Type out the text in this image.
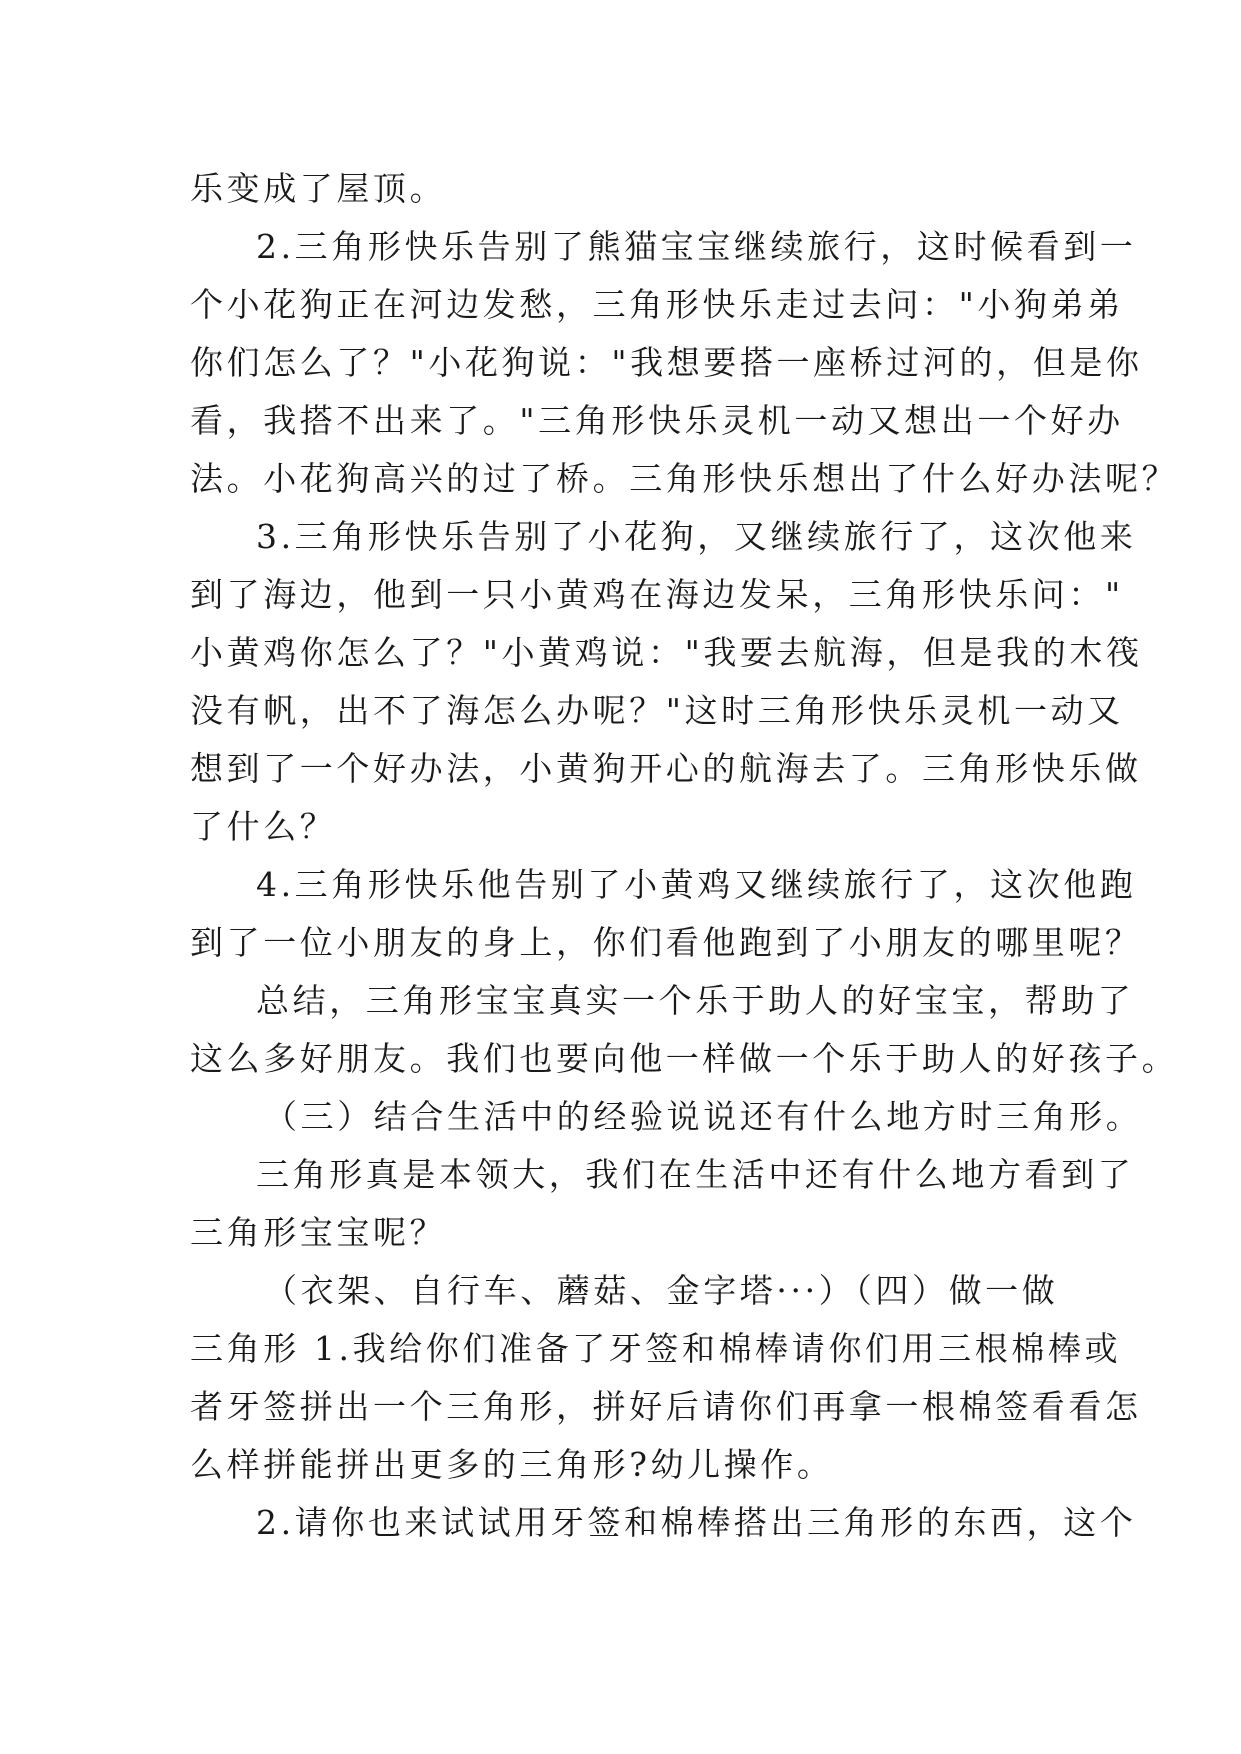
乐变成了屋顶。
2.三角形快乐告别了熊猫宝宝继续旅行，这时候看到一
个小花狗正在河边发愁，三角形快乐走过去问："小狗弟弟
你们怎么了？"小花狗说："我想要搭一座桥过河的，但是你
看，我搭不出来了。"三角形快乐灵机一动又想出一个好办
法。小花狗高兴的过了桥。三角形快乐想出了什么好办法呢？
3.三角形快乐告别了小花狗，又继续旅行了，这次他来
到了海边，他到一只小黄鸡在海边发呆，三角形快乐问："
小黄鸡你怎么了？"小黄鸡说："我要去航海，但是我的木筏
没有帆，出不了海怎么办呢？"这时三角形快乐灵机一动又
想到了一个好办法，小黄狗开心的航海去了。三角形快乐做
了什么？
4.三角形快乐他告别了小黄鸡又继续旅行了，这次他跑
到了一位小朋友的身上，你们看他跑到了小朋友的哪里呢？
总结，三角形宝宝真实一个乐于助人的好宝宝，帮助了
这么多好朋友。我们也要向他一样做一个乐于助人的好孩子。
（三）结合生活中的经验说说还有什么地方时三角形。
三角形真是本领大，我们在生活中还有什么地方看到了
三角形宝宝呢？
（衣架、自行车、蘑菇、金字塔···）（四）做一做
三角形 1.我给你们准备了牙签和棉棒请你们用三根棉棒或
者牙签拼出一个三角形，拼好后请你们再拿一根棉签看看怎
么样拼能拼出更多的三角形?幼儿操作。
2.请你也来试试用牙签和棉棒搭出三角形的东西，这个
